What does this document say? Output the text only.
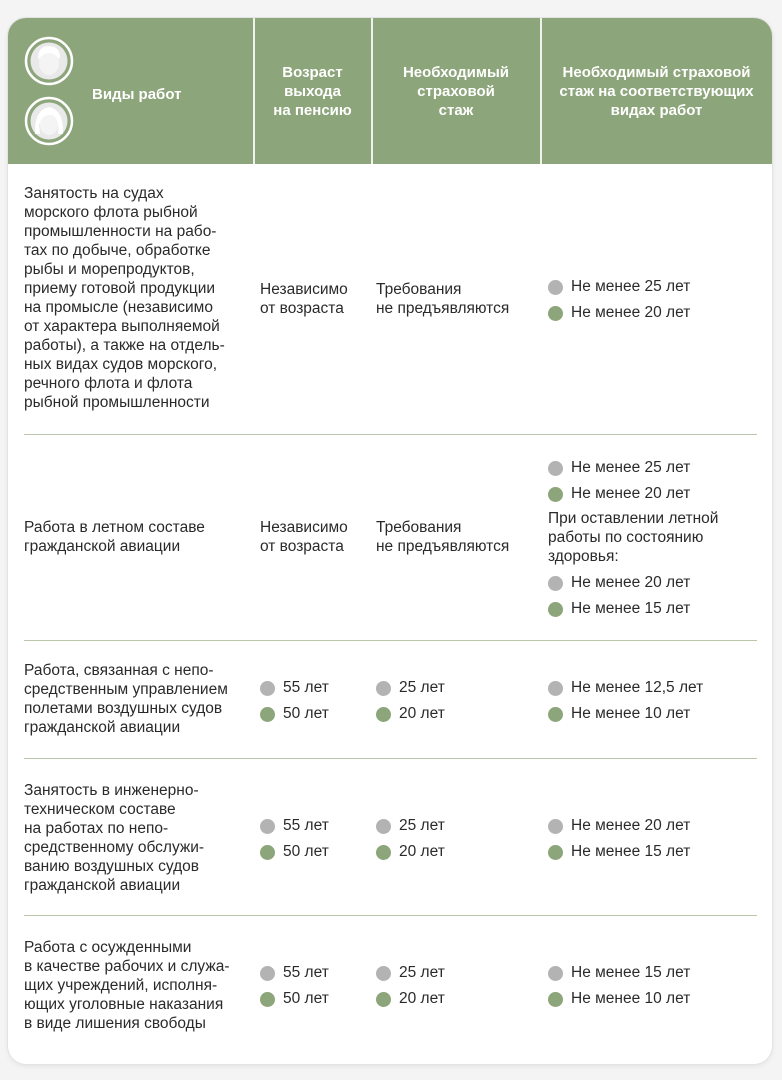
Виды работ
Возраст
выхода
на пенсию
Необходимый
страховой
стаж
Необходимый страховой
стаж на соответствующих
видах работ
Занятость на судах
морского флота рыбной
промышленности на рабо-
тах по добыче, обработке
рыбы и морепродуктов,
приему готовой продукции
на промысле (независимо
от характера выполняемой
работы), а также на отдель-
ных видах судов морского,
речного флота и флота
рыбной промышленности
Независимо
от возраста
Требования
не предъявляются
Не менее 25 лет
Не менее 20 лет
Работа в летном составе
гражданской авиации
Независимо
от возраста
Требования
не предъявляются
Не менее 25 лет
Не менее 20 лет
При оставлении летной
работы по состоянию
здоровья:
Не менее 20 лет
Не менее 15 лет
Работа, связанная с непо-
средственным управлением
полетами воздушных судов
гражданской авиации
55 лет
50 лет
25 лет
20 лет
Не менее 12,5 лет
Не менее 10 лет
Занятость в инженерно-
техническом составе
на работах по непо-
средственному обслужи-
ванию воздушных судов
гражданской авиации
55 лет
50 лет
25 лет
20 лет
Не менее 20 лет
Не менее 15 лет
Работа с осужденными
в качестве рабочих и служа-
щих учреждений, исполня-
ющих уголовные наказания
в виде лишения свободы
55 лет
50 лет
25 лет
20 лет
Не менее 15 лет
Не менее 10 лет
